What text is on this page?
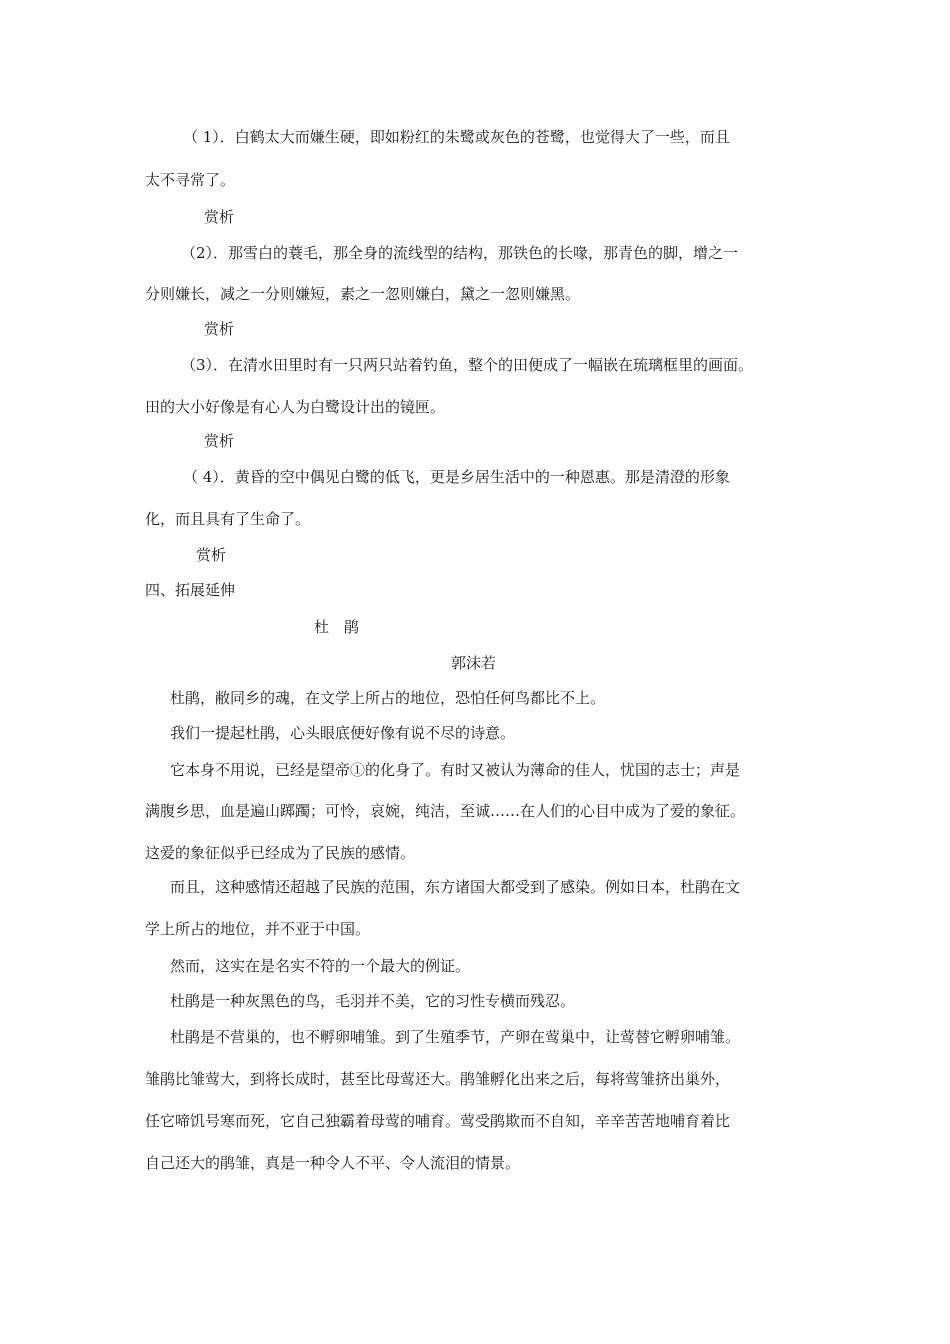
（ 1）．白鹤太大而嫌生硬，即如粉红的朱鹭或灰色的苍鹭，也觉得大了一些，而且
太不寻常了。
赏析
（2）．那雪白的蓑毛，那全身的流线型的结构，那铁色的长喙，那青色的脚，增之一
分则嫌长，减之一分则嫌短，素之一忽则嫌白，黛之一忽则嫌黑。
赏析
（3）．在清水田里时有一只两只站着钓鱼，整个的田便成了一幅嵌在琉璃框里的画面。
田的大小好像是有心人为白鹭设计出的镜匣。
赏析
（ 4）．黄昏的空中偶见白鹭的低飞，更是乡居生活中的一种恩惠。那是清澄的形象
化，而且具有了生命了。
赏析
四、拓展延伸
杜　鹃
郭沫若
杜鹃，敝同乡的魂，在文学上所占的地位，恐怕任何鸟都比不上。
我们一提起杜鹃，心头眼底便好像有说不尽的诗意。
它本身不用说，已经是望帝①的化身了。有时又被认为薄命的佳人，忧国的志士；声是
满腹乡思，血是遍山踯躅；可怜，哀婉，纯洁，至诚……在人们的心目中成为了爱的象征。
这爱的象征似乎已经成为了民族的感情。
而且，这种感情还超越了民族的范围，东方诸国大都受到了感染。例如日本，杜鹃在文
学上所占的地位，并不亚于中国。
然而，这实在是名实不符的一个最大的例证。
杜鹃是一种灰黑色的鸟，毛羽并不美，它的习性专横而残忍。
杜鹃是不营巢的，也不孵卵哺雏。到了生殖季节，产卵在莺巢中，让莺替它孵卵哺雏。
雏鹃比雏莺大，到将长成时，甚至比母莺还大。鹃雏孵化出来之后，每将莺雏挤出巢外，
任它啼饥号寒而死，它自己独霸着母莺的哺育。莺受鹃欺而不自知，辛辛苦苦地哺育着比
自己还大的鹃雏，真是一种令人不平、令人流泪的情景。
